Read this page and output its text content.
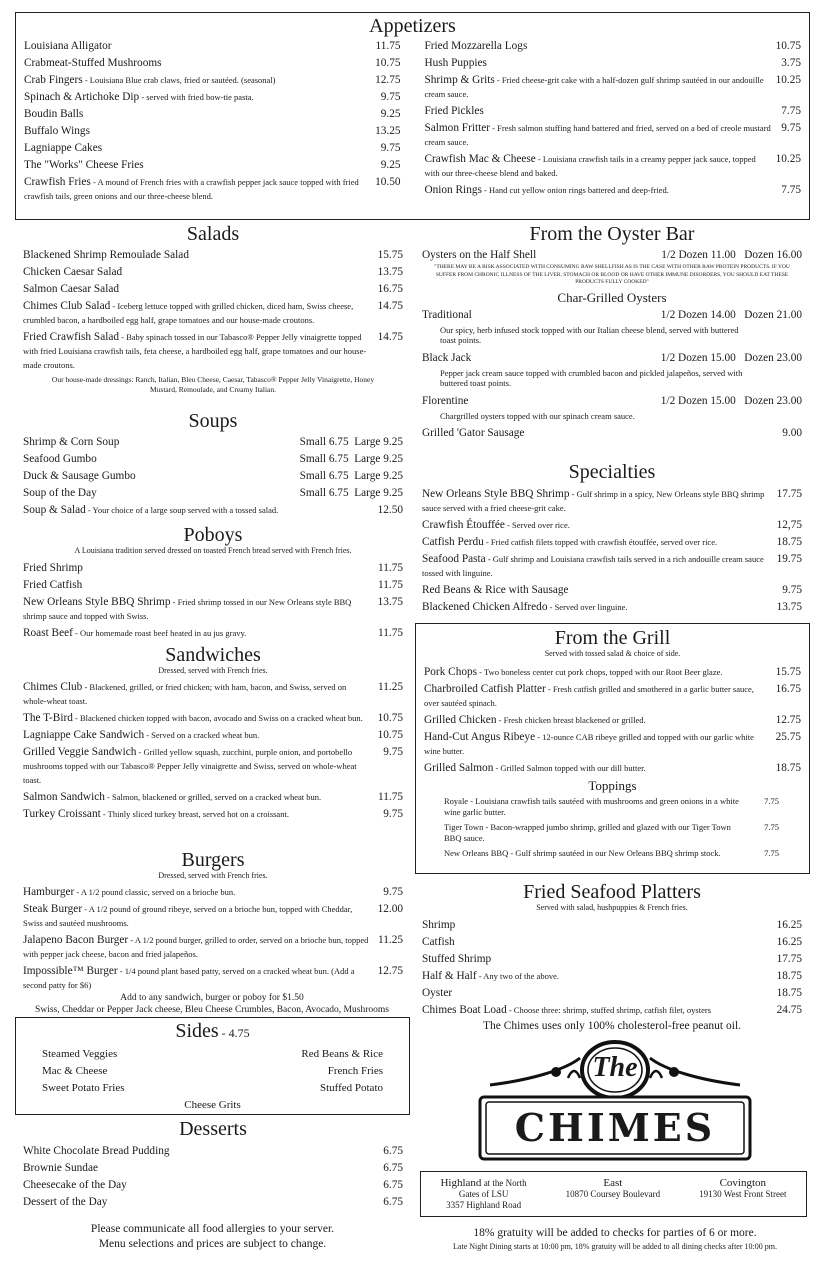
Appetizers
Louisiana Alligator	11.75
Crabmeat-Stuffed Mushrooms	10.75
Crab Fingers - Louisiana Blue crab claws, fried or sautéed. (seasonal)	12.75
Spinach & Artichoke Dip - served with fried bow-tie pasta.	9.75
Boudin Balls	9.25
Buffalo Wings	13.25
Lagniappe Cakes	9.75
The "Works" Cheese Fries	9.25
Crawfish Fries - A mound of French fries with a crawfish pepper jack sauce topped with fried crawfish tails, green onions and our three-cheese blend.
10.50
Fried Mozzarella Logs	10.75
Hush Puppies	3.75
Shrimp & Grits - Fried cheese-grit cake with a half-dozen gulf shrimp sautéed in our andouille cream sauce.
10.25
Fried Pickles	7.75
Salmon Fritter - Fresh salmon stuffing hand battered and fried, served on a bed of creole mustard cream sauce.
9.75
Crawfish Mac & Cheese - Louisiana crawfish tails in a creamy pepper jack sauce, topped with our three-cheese blend and baked.
10.25
Onion Rings - Hand cut yellow onion rings battered and deep-fried.	7.75
Salads
Blackened Shrimp Remoulade Salad	15.75
Chicken Caesar Salad	13.75
Salmon Caesar Salad	16.75
Chimes Club Salad - Iceberg lettuce topped with grilled chicken, diced ham, Swiss cheese, crumbled bacon, a hardboiled egg half, grape tomatoes and our house-made croutons.
14.75
Fried Crawfish Salad - Baby spinach tossed in our Tabasco® Pepper Jelly vinaigrette topped with fried Louisiana crawfish tails, feta cheese, a hardboiled egg half, grape tomatoes and our house-made croutons.
14.75
Our house-made dressings: Ranch, Italian, Bleu Cheese, Caesar, Tabasco® Pepper Jelly Vinaigrette, Honey Mustard, Remoulade, and Creamy Italian.
Soups
Shrimp & Corn Soup	Small 6.75 Large 9.25
Seafood Gumbo	Small 6.75 Large 9.25
Duck & Sausage Gumbo	Small 6.75 Large 9.25
Soup of the Day	Small 6.75 Large 9.25
Soup & Salad - Your choice of a large soup served with a tossed salad.	12.50
Poboys
A Louisiana tradition served dressed on toasted French bread served with French fries.
Fried Shrimp	11.75
Fried Catfish	11.75
New Orleans Style BBQ Shrimp - Fried shrimp tossed in our New Orleans style BBQ shrimp sauce and topped with Swiss.
13.75
Roast Beef - Our homemade roast beef heated in au jus gravy.	11.75
Sandwiches
Dressed, served with French fries.
Chimes Club - Blackened, grilled, or fried chicken; with ham, bacon, and Swiss, served on whole-wheat toast.
11.25
The T-Bird - Blackened chicken topped with bacon, avocado and Swiss on a cracked wheat bun.	10.75
Lagniappe Cake Sandwich - Served on a cracked wheat bun.	10.75
Grilled Veggie Sandwich - Grilled yellow squash, zucchini, purple onion, and portobello mushrooms topped with our Tabasco® Pepper Jelly vinaigrette and Swiss, served on whole-wheat toast.
9.75
Salmon Sandwich - Salmon, blackened or grilled, served on a cracked wheat bun.	11.75
Turkey Croissant - Thinly sliced turkey breast, served hot on a croissant.	9.75
Burgers
Dressed, served with French fries.
Hamburger - A 1/2 pound classic, served on a brioche bun.	9.75
Steak Burger - A 1/2 pound of ground ribeye, served on a brioche bun, topped with Cheddar, Swiss and sautéed mushrooms.
12.00
Jalapeno Bacon Burger - A 1/2 pound burger, grilled to order, served on a brioche bun, topped with pepper jack cheese, bacon and fried jalapeños.
11.25
Impossible™ Burger - 1/4 pound plant based patty, served on a cracked wheat bun. (Add a second patty for $6)
12.75
Add to any sandwich, burger or poboy for $1.50
Swiss, Cheddar or Pepper Jack cheese, Bleu Cheese Crumbles, Bacon, Avocado, Mushrooms
Sides - 4.75
Steamed Veggies
Mac & Cheese
Sweet Potato Fries
Red Beans & Rice
French Fries
Stuffed Potato
Cheese Grits
Desserts
White Chocolate Bread Pudding	6.75
Brownie Sundae	6.75
Cheesecake of the Day	6.75
Dessert of the Day	6.75
Please communicate all food allergies to your server.
Menu selections and prices are subject to change.
From the Oyster Bar
Oysters on the Half Shell	1/2 Dozen 11.00 Dozen 16.00
"THERE MAY BE A RISK ASSOCIATED WITH CONSUMING RAW SHELLFISH AS IS THE CASE WITH OTHER RAW PROTEIN PRODUCTS. IF YOU SUFFER FROM CHRONIC ILLNESS OF THE LIVER, STOMACH OR BLOOD OR HAVE OTHER IMMUNE DISORDERS, YOU SHOULD EAT THESE PRODUCTS FULLY COOKED"
Char-Grilled Oysters
Traditional	1/2 Dozen 14.00 Dozen 21.00
Our spicy, herb infused stock topped with our Italian cheese blend, served with buttered toast points.
Black Jack	1/2 Dozen 15.00 Dozen 23.00
Pepper jack cream sauce topped with crumbled bacon and pickled jalapeños, served with buttered toast points.
Florentine	1/2 Dozen 15.00 Dozen 23.00
Chargrilled oysters topped with our spinach cream sauce.
Grilled 'Gator Sausage	9.00
Specialties
New Orleans Style BBQ Shrimp - Gulf shrimp in a spicy, New Orleans style BBQ shrimp sauce served with a fried cheese-grit cake.
17.75
Crawfish Étouffée - Served over rice.	12,75
Catfish Perdu - Fried catfish filets topped with crawfish étouffée, served over rice.	18.75
Seafood Pasta - Gulf shrimp and Louisiana crawfish tails served in a rich andouille cream sauce tossed with linguine.
19.75
Red Beans & Rice with Sausage	9.75
Blackened Chicken Alfredo - Served over linguine.	13.75
From the Grill
Served with tossed salad & choice of side.
Pork Chops - Two boneless center cut pork chops, topped with our Root Beer glaze.	15.75
Charbroiled Catfish Platter - Fresh catfish grilled and smothered in a garlic butter sauce, over sautéed spinach.
16.75
Grilled Chicken - Fresh chicken breast blackened or grilled.	12.75
Hand-Cut Angus Ribeye - 12-ounce CAB ribeye grilled and topped with our garlic white wine butter.
25.75
Grilled Salmon - Grilled Salmon topped with our dill butter.	18.75
Toppings
Royale - Louisiana crawfish tails sautéed with mushrooms and green onions in a white wine garlic butter.
7.75
Tiger Town - Bacon-wrapped jumbo shrimp, grilled and glazed with our Tiger Town BBQ sauce.
7.75
New Orleans BBQ - Gulf shrimp sautéed in our New Orleans BBQ shrimp stock.	7.75
Fried Seafood Platters
Served with salad, hushpuppies & French fries.
Shrimp	16.25
Catfish	16.25
Stuffed Shrimp	17.75
Half & Half - Any two of the above.	18.75
Oyster	18.75
Chimes Boat Load - Choose three: shrimp, stuffed shrimp, catfish filet, oysters	24.75
The Chimes uses only 100% cholesterol-free peanut oil.
The
CHIMES
Highland at the North
Gates of LSU
3357 Highland Road
East
10870 Coursey Boulevard
Covington
19130 West Front Street
18% gratuity will be added to checks for parties of 6 or more.
Late Night Dining starts at 10:00 pm, 18% gratuity will be added to all dining checks after 10:00 pm.
